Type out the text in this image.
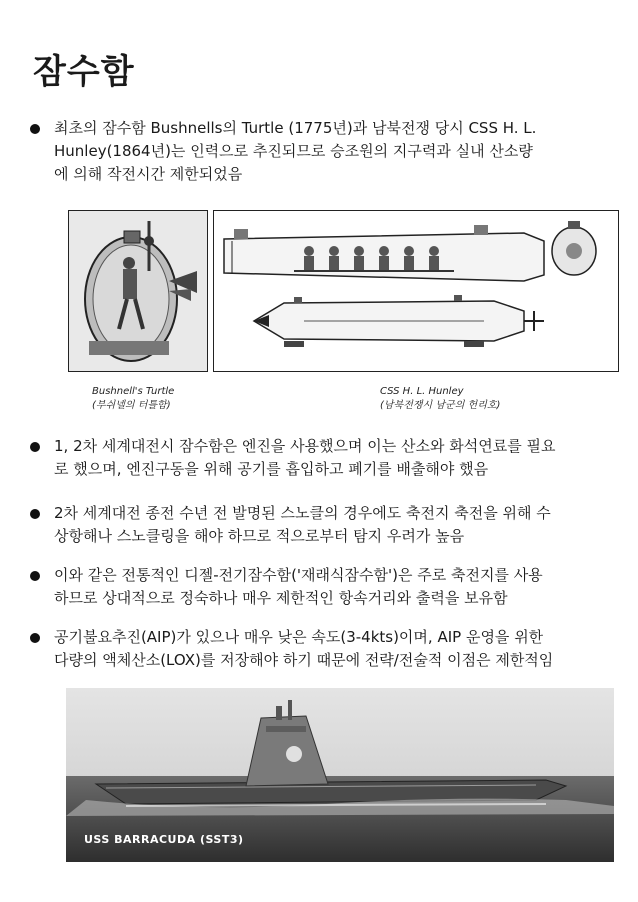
잠수함
최초의 잠수함 Bushnells의 Turtle (1775년)과 남북전쟁 당시 CSS H. L.
Hunley(1864년)는 인력으로 추진되므로 승조원의 지구력과 실내 산소량
에 의해 작전시간 제한되었음
Bushnell's Turtle
(부쉬넬의 터틀함)
CSS H. L. Hunley
(남북전쟁시 남군의 헌리호)
1, 2차 세계대전시 잠수함은 엔진을 사용했으며 이는 산소와 화석연료를 필요
로 했으며, 엔진구동을 위해 공기를 흡입하고 폐기를 배출해야 했음
2차 세계대전 종전 수년 전 발명된 스노클의 경우에도 축전지 축전을 위해 수
상항해나 스노클링을 해야 하므로 적으로부터 탐지 우려가 높음
이와 같은 전통적인 디젤-전기잠수함('재래식잠수함')은 주로 축전지를 사용
하므로 상대적으로 정숙하나 매우 제한적인 항속거리와 출력을 보유함
공기불요추진(AIP)가 있으나 매우 낮은 속도(3-4kts)이며, AIP 운영을 위한
다량의 액체산소(LOX)를 저장해야 하기 때문에 전략/전술적 이점은 제한적임
USS BARRACUDA (SST3)
